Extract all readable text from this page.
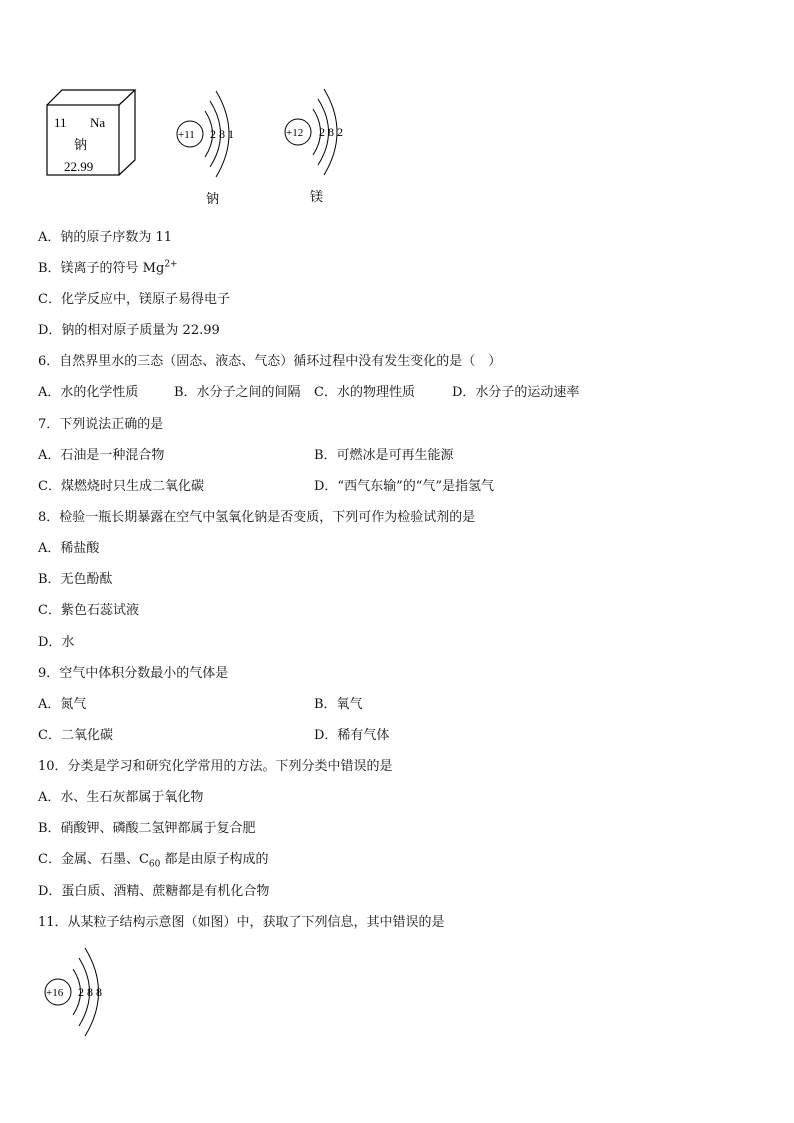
11 Na
钠
22.99
+11 2 8 1
钠
+12 2 8 2
镁
A．钠的原子序数为 11
B．镁离子的符号 $Mg^{2+}$
C．化学反应中，镁原子易得电子
D．钠的相对原子质量为 22.99
6．自然界里水的三态（固态、液态、气态）循环过程中没有发生变化的是（　）
A．水的化学性质	B．水分子之间的间隔 C．水的物理性质	D．水分子的运动速率
7．下列说法正确的是
A．石油是一种混合物	B．可燃冰是可再生能源
C．煤燃烧时只生成二氧化碳	D．“西气东输”的“气”是指氢气
8．检验一瓶长期暴露在空气中氢氧化钠是否变质，下列可作为检验试剂的是
A．稀盐酸
B．无色酚酞
C．紫色石蕊试液
D．水
9．空气中体积分数最小的气体是
A．氮气	B．氧气
C．二氧化碳	D．稀有气体
10．分类是学习和研究化学常用的方法。下列分类中错误的是
A．水、生石灰都属于氧化物
B．硝酸钾、磷酸二氢钾都属于复合肥
C．金属、石墨、$C_{60}$ 都是由原子构成的
D．蛋白质、酒精、蔗糖都是有机化合物
11．从某粒子结构示意图（如图）中，获取了下列信息，其中错误的是
+16 2 8 8
